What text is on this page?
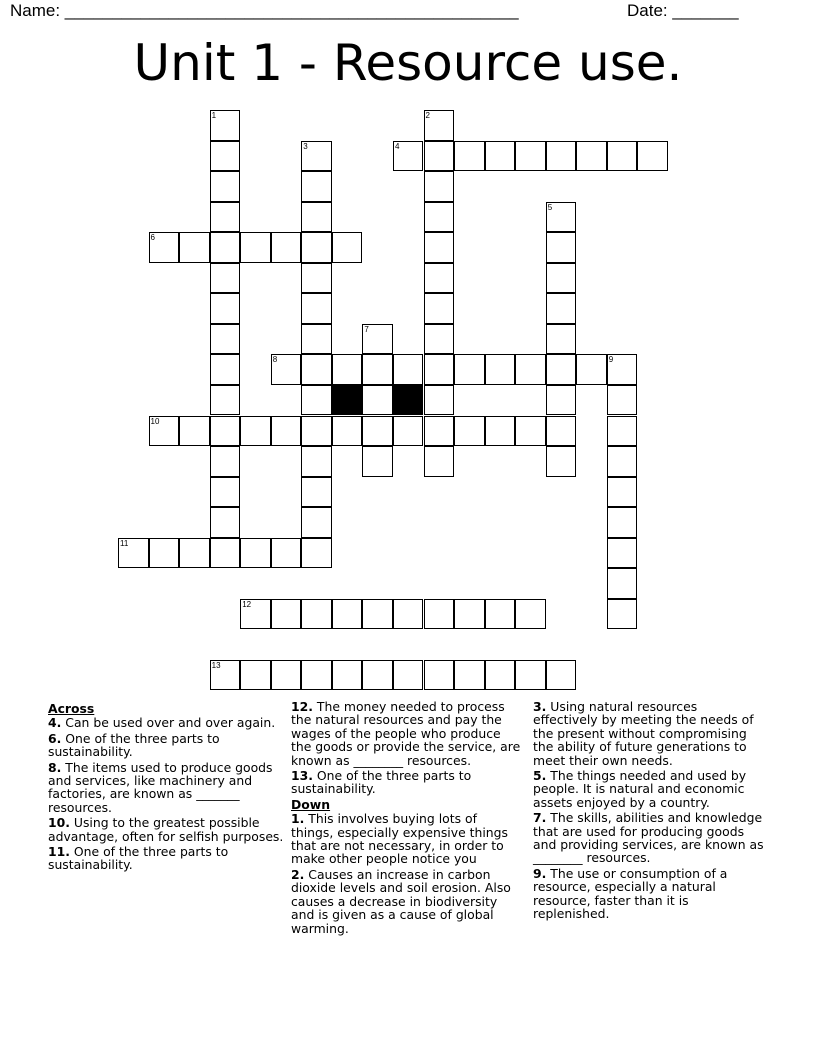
Name: ________________________________________________	Date: _______
Unit 1 - Resource use.
1	2
3	4
5
6
7
8	9
10
11
12
13
Across
4. Can be used over and over again.
6. One of the three parts to sustainability.
8. The items used to produce goods and services, like machinery and factories, are known as _______ resources.
10. Using to the greatest possible advantage, often for selfish purposes.
11. One of the three parts to sustainability.
12. The money needed to process the natural resources and pay the wages of the people who produce the goods or provide the service, are known as ________ resources.
13. One of the three parts to sustainability.
Down
1. This involves buying lots of things, especially expensive things that are not necessary, in order to make other people notice you
2. Causes an increase in carbon dioxide levels and soil erosion. Also causes a decrease in biodiversity and is given as a cause of global warming.
3. Using natural resources effectively by meeting the needs of the present without compromising the ability of future generations to meet their own needs.
5. The things needed and used by people. It is natural and economic assets enjoyed by a country.
7. The skills, abilities and knowledge that are used for producing goods and providing services, are known as ________ resources.
9. The use or consumption of a resource, especially a natural resource, faster than it is replenished.
